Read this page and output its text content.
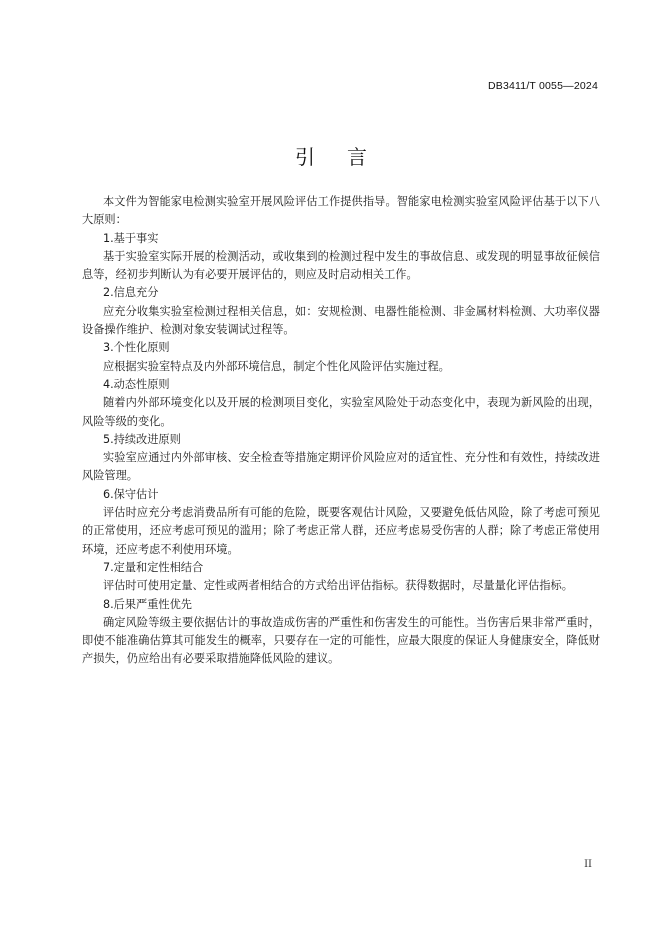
DB3411/T 0055—2024
引言

本文件为智能家电检测实验室开展风险评估工作提供指导。智能家电检测实验室风险评估基于以下八大原则：

1.基于事实

基于实验室实际开展的检测活动，或收集到的检测过程中发生的事故信息、或发现的明显事故征候信息等，经初步判断认为有必要开展评估的，则应及时启动相关工作。

2.信息充分

应充分收集实验室检测过程相关信息，如：安规检测、电器性能检测、非金属材料检测、大功率仪器设备操作维护、检测对象安装调试过程等。

3.个性化原则

应根据实验室特点及内外部环境信息，制定个性化风险评估实施过程。

4.动态性原则

随着内外部环境变化以及开展的检测项目变化，实验室风险处于动态变化中，表现为新风险的出现，风险等级的变化。

5.持续改进原则

实验室应通过内外部审核、安全检查等措施定期评价风险应对的适宜性、充分性和有效性，持续改进风险管理。

6.保守估计

评估时应充分考虑消费品所有可能的危险，既要客观估计风险，又要避免低估风险，除了考虑可预见的正常使用，还应考虑可预见的滥用；除了考虑正常人群，还应考虑易受伤害的人群；除了考虑正常使用环境，还应考虑不利使用环境。

7.定量和定性相结合

评估时可使用定量、定性或两者相结合的方式给出评估指标。获得数据时，尽量量化评估指标。

8.后果严重性优先

确定风险等级主要依据估计的事故造成伤害的严重性和伤害发生的可能性。当伤害后果非常严重时，即使不能准确估算其可能发生的概率，只要存在一定的可能性，应最大限度的保证人身健康安全，降低财产损失，仍应给出有必要采取措施降低风险的建议。

II
